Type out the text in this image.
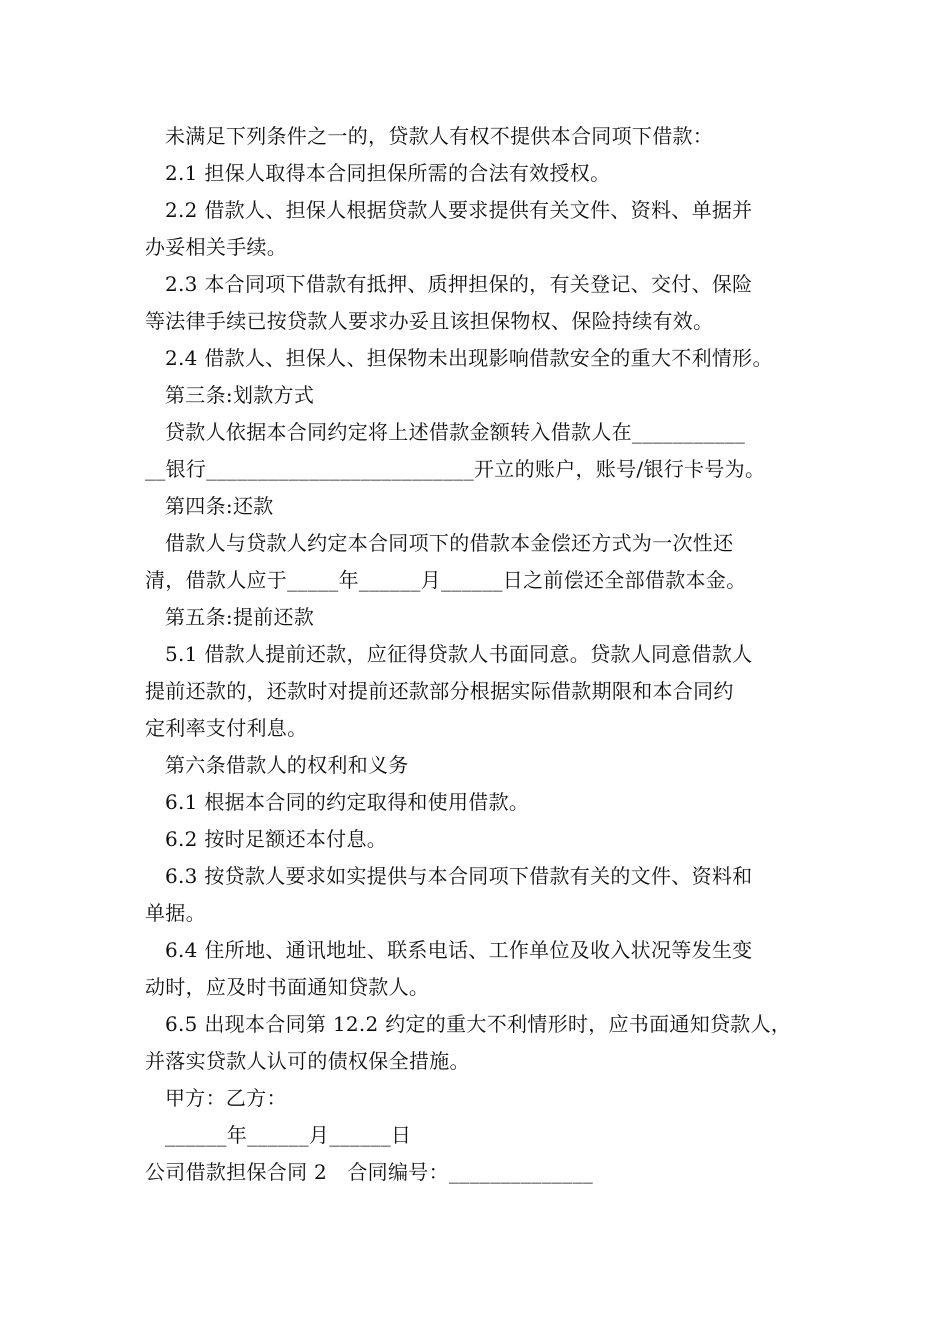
未满足下列条件之一的，贷款人有权不提供本合同项下借款：

2.1 担保人取得本合同担保所需的合法有效授权。

2.2 借款人、担保人根据贷款人要求提供有关文件、资料、单据并

办妥相关手续。

2.3 本合同项下借款有抵押、质押担保的，有关登记、交付、保险

等法律手续已按贷款人要求办妥且该担保物权、保险持续有效。

2.4 借款人、担保人、担保物未出现影响借款安全的重大不利情形。

第三条:划款方式

贷款人依据本合同约定将上述借款金额转入借款人在___________

__银行__________________________开立的账户，账号/银行卡号为。

第四条:还款

借款人与贷款人约定本合同项下的借款本金偿还方式为一次性还

清，借款人应于_____年______月______日之前偿还全部借款本金。

第五条:提前还款

5.1 借款人提前还款，应征得贷款人书面同意。贷款人同意借款人

提前还款的，还款时对提前还款部分根据实际借款期限和本合同约

定利率支付利息。

第六条借款人的权利和义务

6.1 根据本合同的约定取得和使用借款。

6.2 按时足额还本付息。

6.3 按贷款人要求如实提供与本合同项下借款有关的文件、资料和

单据。

6.4 住所地、通讯地址、联系电话、工作单位及收入状况等发生变

动时，应及时书面通知贷款人。

6.5 出现本合同第 12.2 约定的重大不利情形时，应书面通知贷款人，

并落实贷款人认可的债权保全措施。

甲方：乙方：

______年______月______日

公司借款担保合同 2　合同编号：______________
